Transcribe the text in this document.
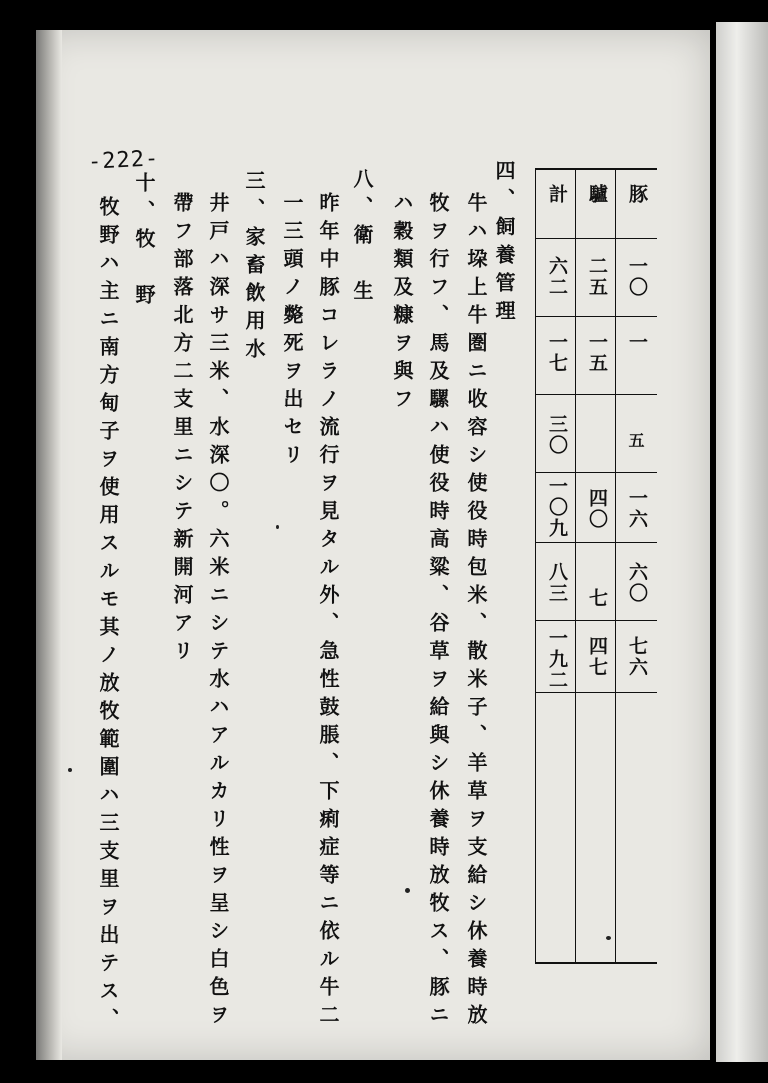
-222-
豚
驢
計
一〇
二五
六二
一
一五
一七
五
三〇
一六
四〇
一〇九
六〇
七
八三
七六
四七
一九二
四、飼養管理
牛ハ垜上牛圏ニ收容シ使役時包米、散米子、羊草ヲ支給シ休養時放
牧ヲ行フ、馬及騾ハ使役時高粱、谷草ヲ給與シ休養時放牧ス、豚ニ
ハ穀類及糠ヲ與フ
八、衛　生
昨年中豚コレラノ流行ヲ見タル外、急性鼓脹、下痢症等ニ依ル牛二
一三頭ノ斃死ヲ出セリ
三、家畜飲用水
井戸ハ深サ三米、水深〇。六米ニシテ水ハアルカリ性ヲ呈シ白色ヲ
帶フ部落北方二支里ニシテ新開河アリ
十、牧　野
牧野ハ主ニ南方甸子ヲ使用スルモ其ノ放牧範圍ハ三支里ヲ出テス、
